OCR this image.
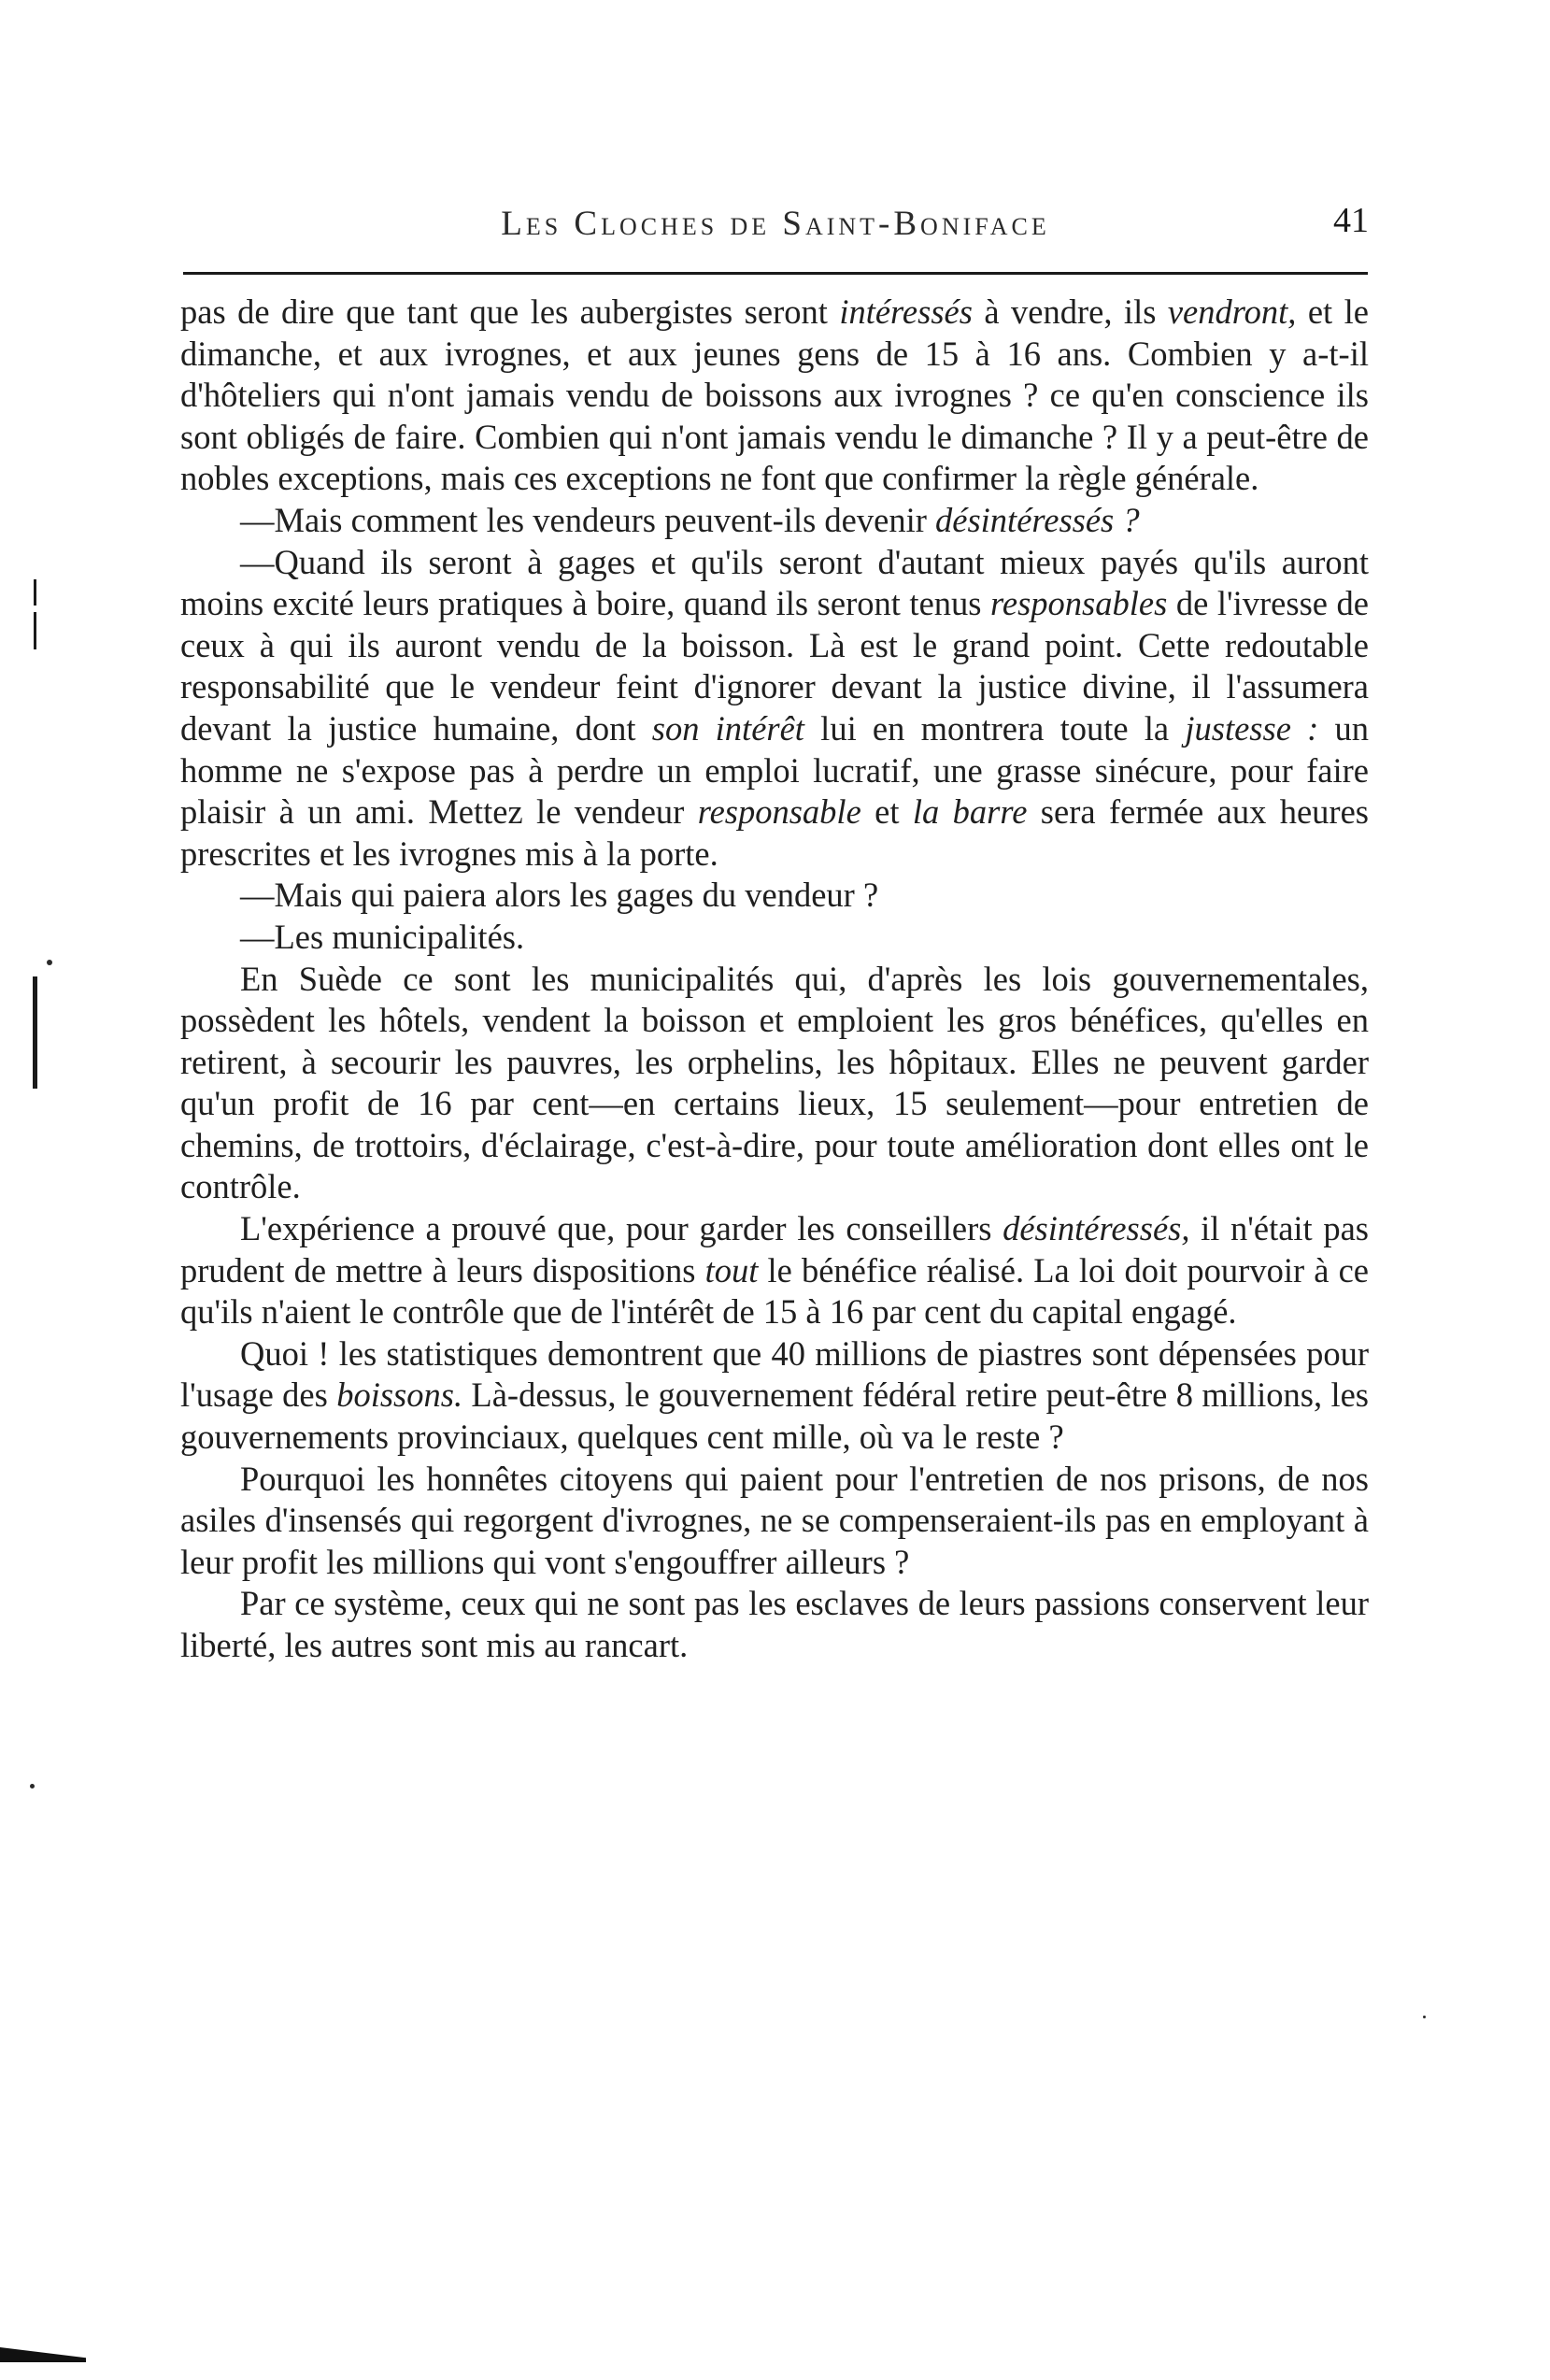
Les Cloches de Saint-Boniface	41

pas de dire que tant que les aubergistes seront intéressés à vendre, ils vendront, et le dimanche, et aux ivrognes, et aux jeunes gens de 15 à 16 ans. Combien y a-t-il d'hôteliers qui n'ont jamais vendu de boissons aux ivrognes ? ce qu'en conscience ils sont obligés de faire. Combien qui n'ont jamais vendu le dimanche ? Il y a peut-être de nobles exceptions, mais ces exceptions ne font que confirmer la règle générale.

—Mais comment les vendeurs peuvent-ils devenir désintéressés ?

—Quand ils seront à gages et qu'ils seront d'autant mieux payés qu'ils auront moins excité leurs pratiques à boire, quand ils seront tenus responsables de l'ivresse de ceux à qui ils auront vendu de la boisson. Là est le grand point. Cette redoutable responsabilité que le vendeur feint d'ignorer devant la justice divine, il l'assumera devant la justice humaine, dont son intérêt lui en montrera toute la justesse : un homme ne s'expose pas à perdre un emploi lucratif, une grasse sinécure, pour faire plaisir à un ami. Mettez le vendeur responsable et la barre sera fermée aux heures prescrites et les ivrognes mis à la porte.

—Mais qui paiera alors les gages du vendeur ?

—Les municipalités.

En Suède ce sont les municipalités qui, d'après les lois gouvernementales, possèdent les hôtels, vendent la boisson et emploient les gros bénéfices, qu'elles en retirent, à secourir les pauvres, les orphelins, les hôpitaux. Elles ne peuvent garder qu'un profit de 16 par cent—en certains lieux, 15 seulement—pour entretien de chemins, de trottoirs, d'éclairage, c'est-à-dire, pour toute amélioration dont elles ont le contrôle.

L'expérience a prouvé que, pour garder les conseillers désintéressés, il n'était pas prudent de mettre à leurs dispositions tout le bénéfice réalisé. La loi doit pourvoir à ce qu'ils n'aient le contrôle que de l'intérêt de 15 à 16 par cent du capital engagé.

Quoi ! les statistiques demontrent que 40 millions de piastres sont dépensées pour l'usage des boissons. Là-dessus, le gouvernement fédéral retire peut-être 8 millions, les gouvernements provinciaux, quelques cent mille, où va le reste ?

Pourquoi les honnêtes citoyens qui paient pour l'entretien de nos prisons, de nos asiles d'insensés qui regorgent d'ivrognes, ne se compenseraient-ils pas en employant à leur profit les millions qui vont s'engouffrer ailleurs ?

Par ce système, ceux qui ne sont pas les esclaves de leurs passions conservent leur liberté, les autres sont mis au rancart.
